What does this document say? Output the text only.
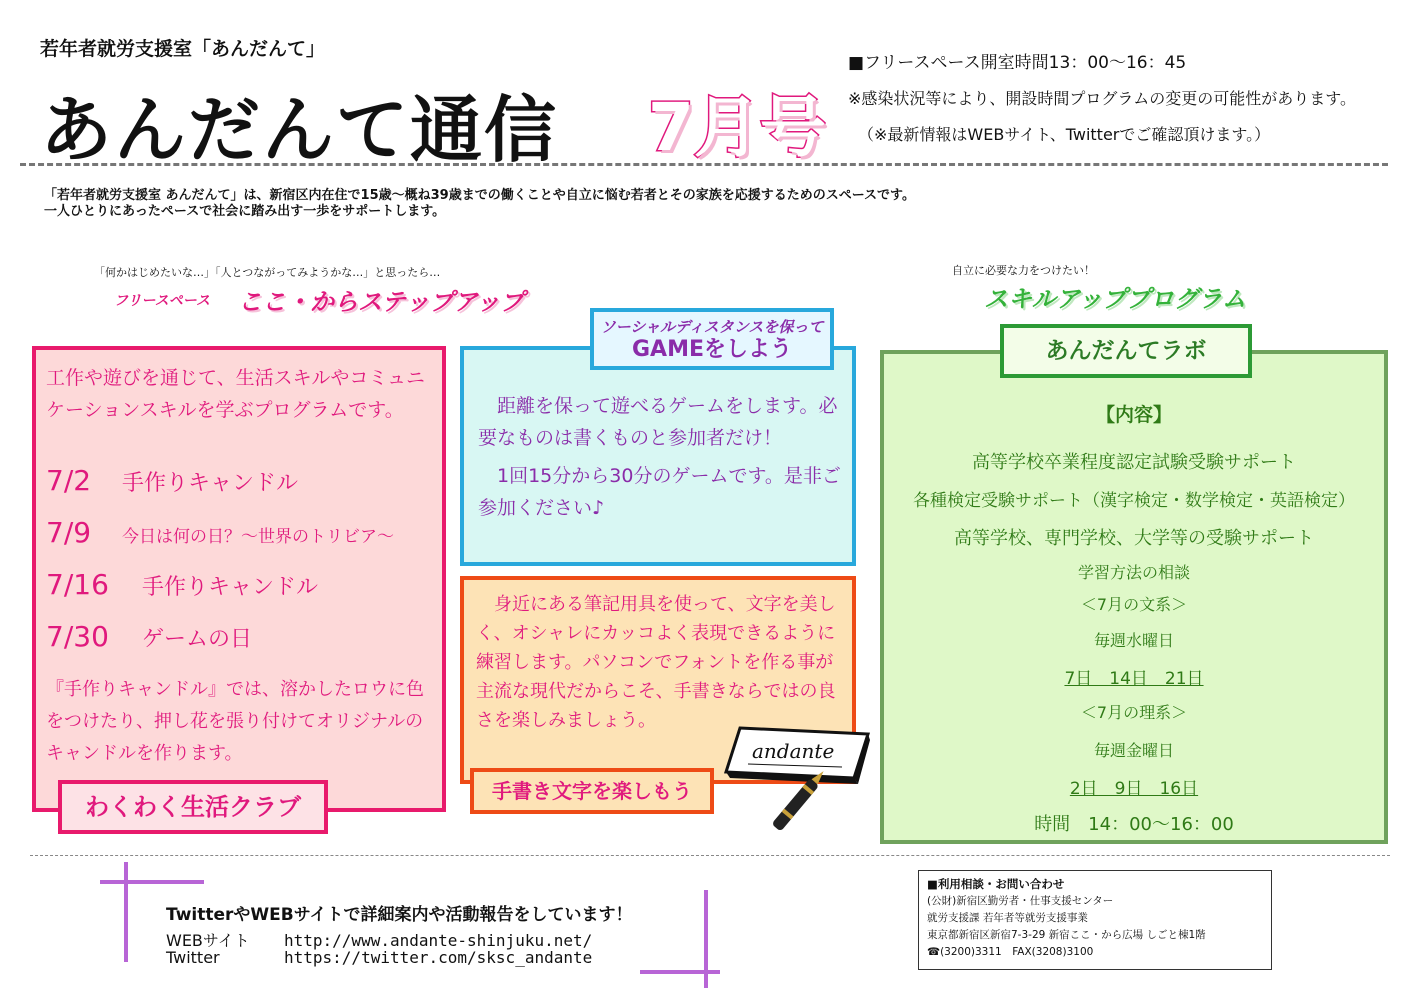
若年者就労支援室「あんだんて」
あんだんて通信 7月号
■フリースペース開室時間13：00～16：45
※感染状況等により、開設時間プログラムの変更の可能性があります。
（※最新情報はWEBサイト、Twitterでご確認頂けます。）
「若年者就労支援室 あんだんて」は、新宿区内在住で15歳～概ね39歳までの働くことや自立に悩む若者とその家族を応援するためのスペースです。
一人ひとりにあったペースで社会に踏み出す一歩をサポートします。
「何かはじめたいな…」「人とつながってみようかな…」と思ったら…
フリースペース ここ・からステップアップ
自立に必要な力をつけたい！
スキルアッププログラム
工作や遊びを通じて、生活スキルやコミュニケーションスキルを学ぶプログラムです。
7/2 手作りキャンドル
7/9 今日は何の日？～世界のトリビア～
7/16 手作りキャンドル
7/30 ゲームの日
『手作りキャンドル』では、溶かしたロウに色をつけたり、押し花を張り付けてオリジナルのキャンドルを作ります。
わくわく生活クラブ
距離を保って遊べるゲームをします。必要なものは書くものと参加者だけ！
1回15分から30分のゲームです。是非ご参加ください♪
ソーシャルディスタンスを保って
GAMEをしよう
身近にある筆記用具を使って、文字を美しく、オシャレにカッコよく表現できるように練習します。パソコンでフォントを作る事が主流な現代だからこそ、手書きならではの良さを楽しみましょう。
手書き文字を楽しもう
andante
【内容】
高等学校卒業程度認定試験受験サポート
各種検定受験サポート（漢字検定・数学検定・英語検定）
高等学校、専門学校、大学等の受験サポート
学習方法の相談
＜7月の文系＞
毎週水曜日
7日　14日　21日
＜7月の理系＞
毎週金曜日
2日　9日　16日
時間　14：00～16：00
あんだんてラボ
TwitterやWEBサイトで詳細案内や活動報告をしています！
WEBサイト http://www.andante-shinjuku.net/
Twitter	https://twitter.com/sksc_andante
■利用相談・お問い合わせ
(公財)新宿区勤労者・仕事支援センター
就労支援課 若年者等就労支援事業
東京都新宿区新宿7-3-29 新宿ここ・から広場 しごと棟1階
☎(3200)3311　FAX(3208)3100
